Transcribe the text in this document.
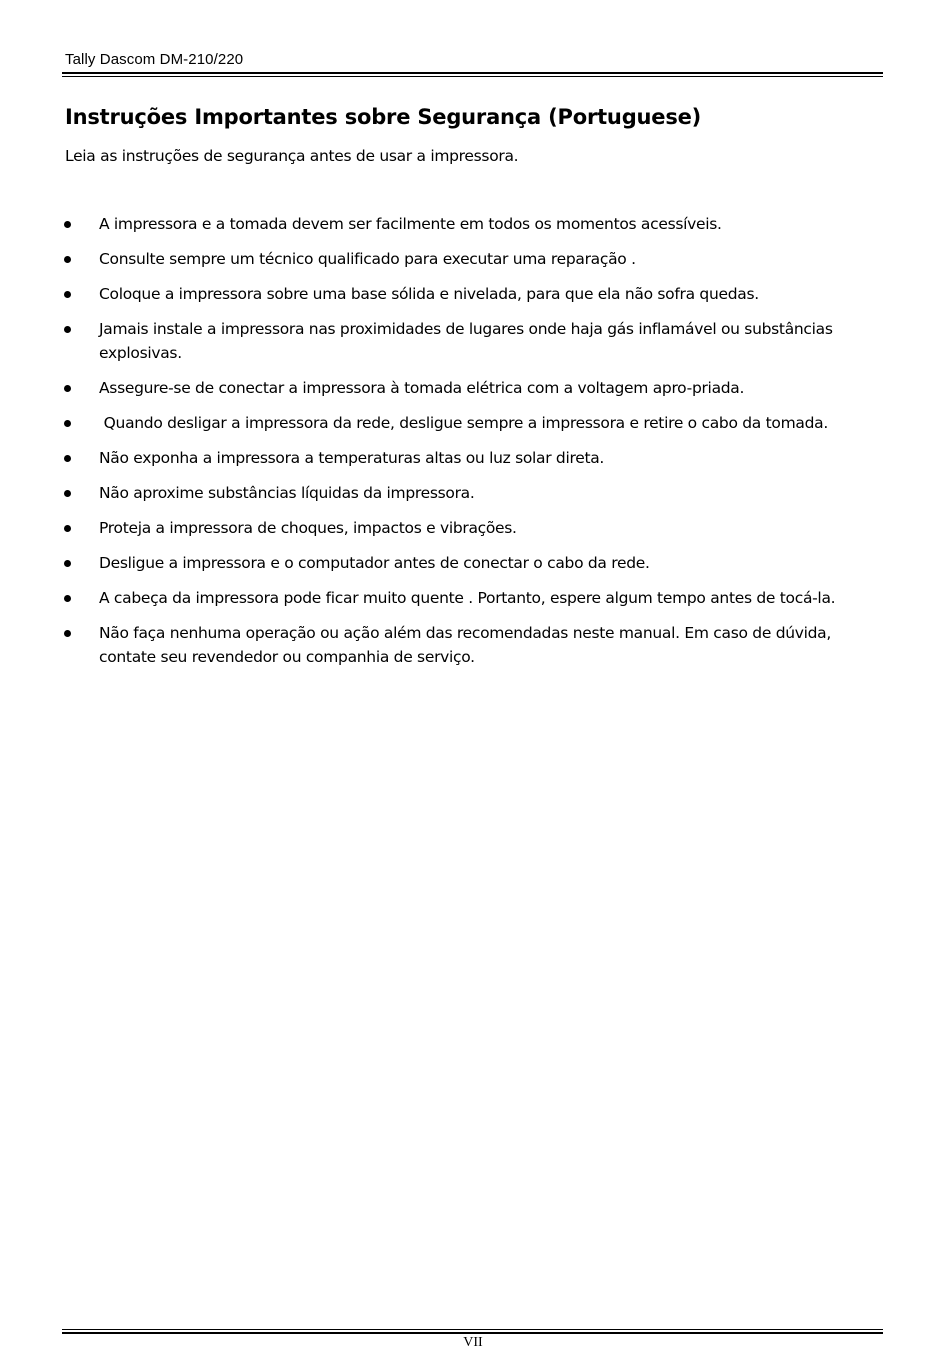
Tally Dascom DM-210/220
Instruções Importantes sobre Segurança (Portuguese)

Leia as instruções de segurança antes de usar a impressora.

A impressora e a tomada devem ser facilmente em todos os momentos acessíveis.
Consulte sempre um técnico qualificado para executar uma reparação .
Coloque a impressora sobre uma base sólida e nivelada, para que ela não sofra quedas.
Jamais instale a impressora nas proximidades de lugares onde haja gás inflamável ou substâncias explosivas.
Assegure-se de conectar a impressora à tomada elétrica com a voltagem apro-priada.
Quando desligar a impressora da rede, desligue sempre a impressora e retire o cabo da tomada.
Não exponha a impressora a temperaturas altas ou luz solar direta.
Não aproxime substâncias líquidas da impressora.
Proteja a impressora de choques, impactos e vibrações.
Desligue a impressora e o computador antes de conectar o cabo da rede.
A cabeça da impressora pode ficar muito quente . Portanto, espere algum tempo antes de tocá-la.
Não faça nenhuma operação ou ação além das recomendadas neste manual. Em caso de dúvida, contate seu revendedor ou companhia de serviço.
VII
